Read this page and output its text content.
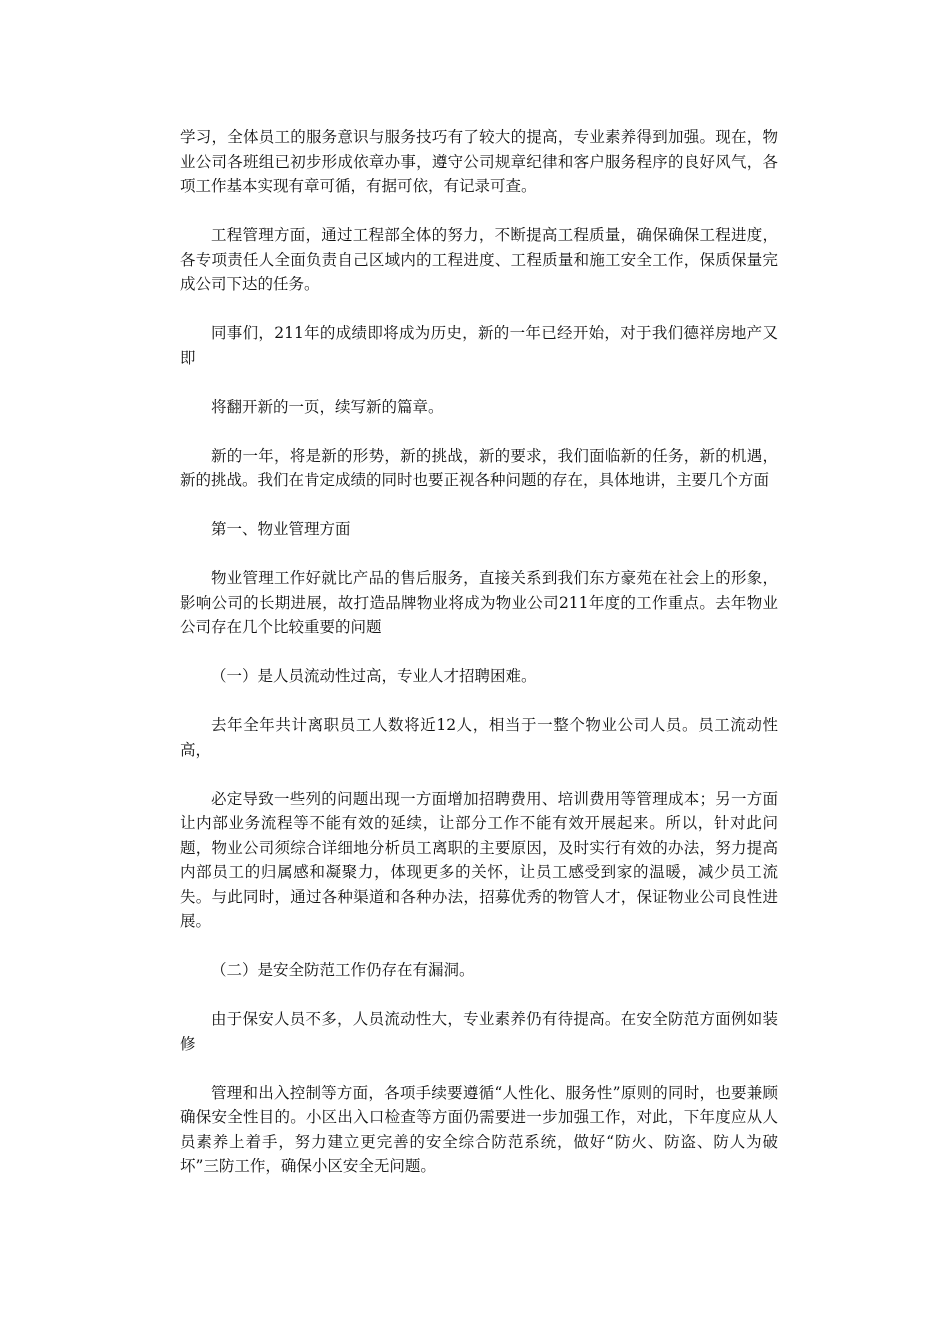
学习，全体员工的服务意识与服务技巧有了较大的提高，专业素养得到加强。现在，物业公司各班组已初步形成依章办事，遵守公司规章纪律和客户服务程序的良好风气，各项工作基本实现有章可循，有据可依，有记录可查。

工程管理方面，通过工程部全体的努力，不断提高工程质量，确保确保工程进度，各专项责任人全面负责自己区域内的工程进度、工程质量和施工安全工作，保质保量完成公司下达的任务。

同事们，211年的成绩即将成为历史，新的一年已经开始，对于我们德祥房地产又即

将翻开新的一页，续写新的篇章。

新的一年，将是新的形势，新的挑战，新的要求，我们面临新的任务，新的机遇，新的挑战。我们在肯定成绩的同时也要正视各种问题的存在，具体地讲，主要几个方面

第一、物业管理方面

物业管理工作好就比产品的售后服务，直接关系到我们东方豪苑在社会上的形象，影响公司的长期进展，故打造品牌物业将成为物业公司211年度的工作重点。去年物业公司存在几个比较重要的问题

（一）是人员流动性过高，专业人才招聘困难。

去年全年共计离职员工人数将近12人，相当于一整个物业公司人员。员工流动性高，

必定导致一些列的问题出现一方面增加招聘费用、培训费用等管理成本；另一方面让内部业务流程等不能有效的延续，让部分工作不能有效开展起来。所以，针对此问题，物业公司须综合详细地分析员工离职的主要原因，及时实行有效的办法，努力提高内部员工的归属感和凝聚力，体现更多的关怀，让员工感受到家的温暖，减少员工流失。与此同时，通过各种渠道和各种办法，招募优秀的物管人才，保证物业公司良性进展。

（二）是安全防范工作仍存在有漏洞。

由于保安人员不多，人员流动性大，专业素养仍有待提高。在安全防范方面例如装修

管理和出入控制等方面，各项手续要遵循“人性化、服务性”原则的同时，也要兼顾确保安全性目的。小区出入口检查等方面仍需要进一步加强工作，对此，下年度应从人员素养上着手，努力建立更完善的安全综合防范系统，做好“防火、防盗、防人为破坏”三防工作，确保小区安全无问题。
